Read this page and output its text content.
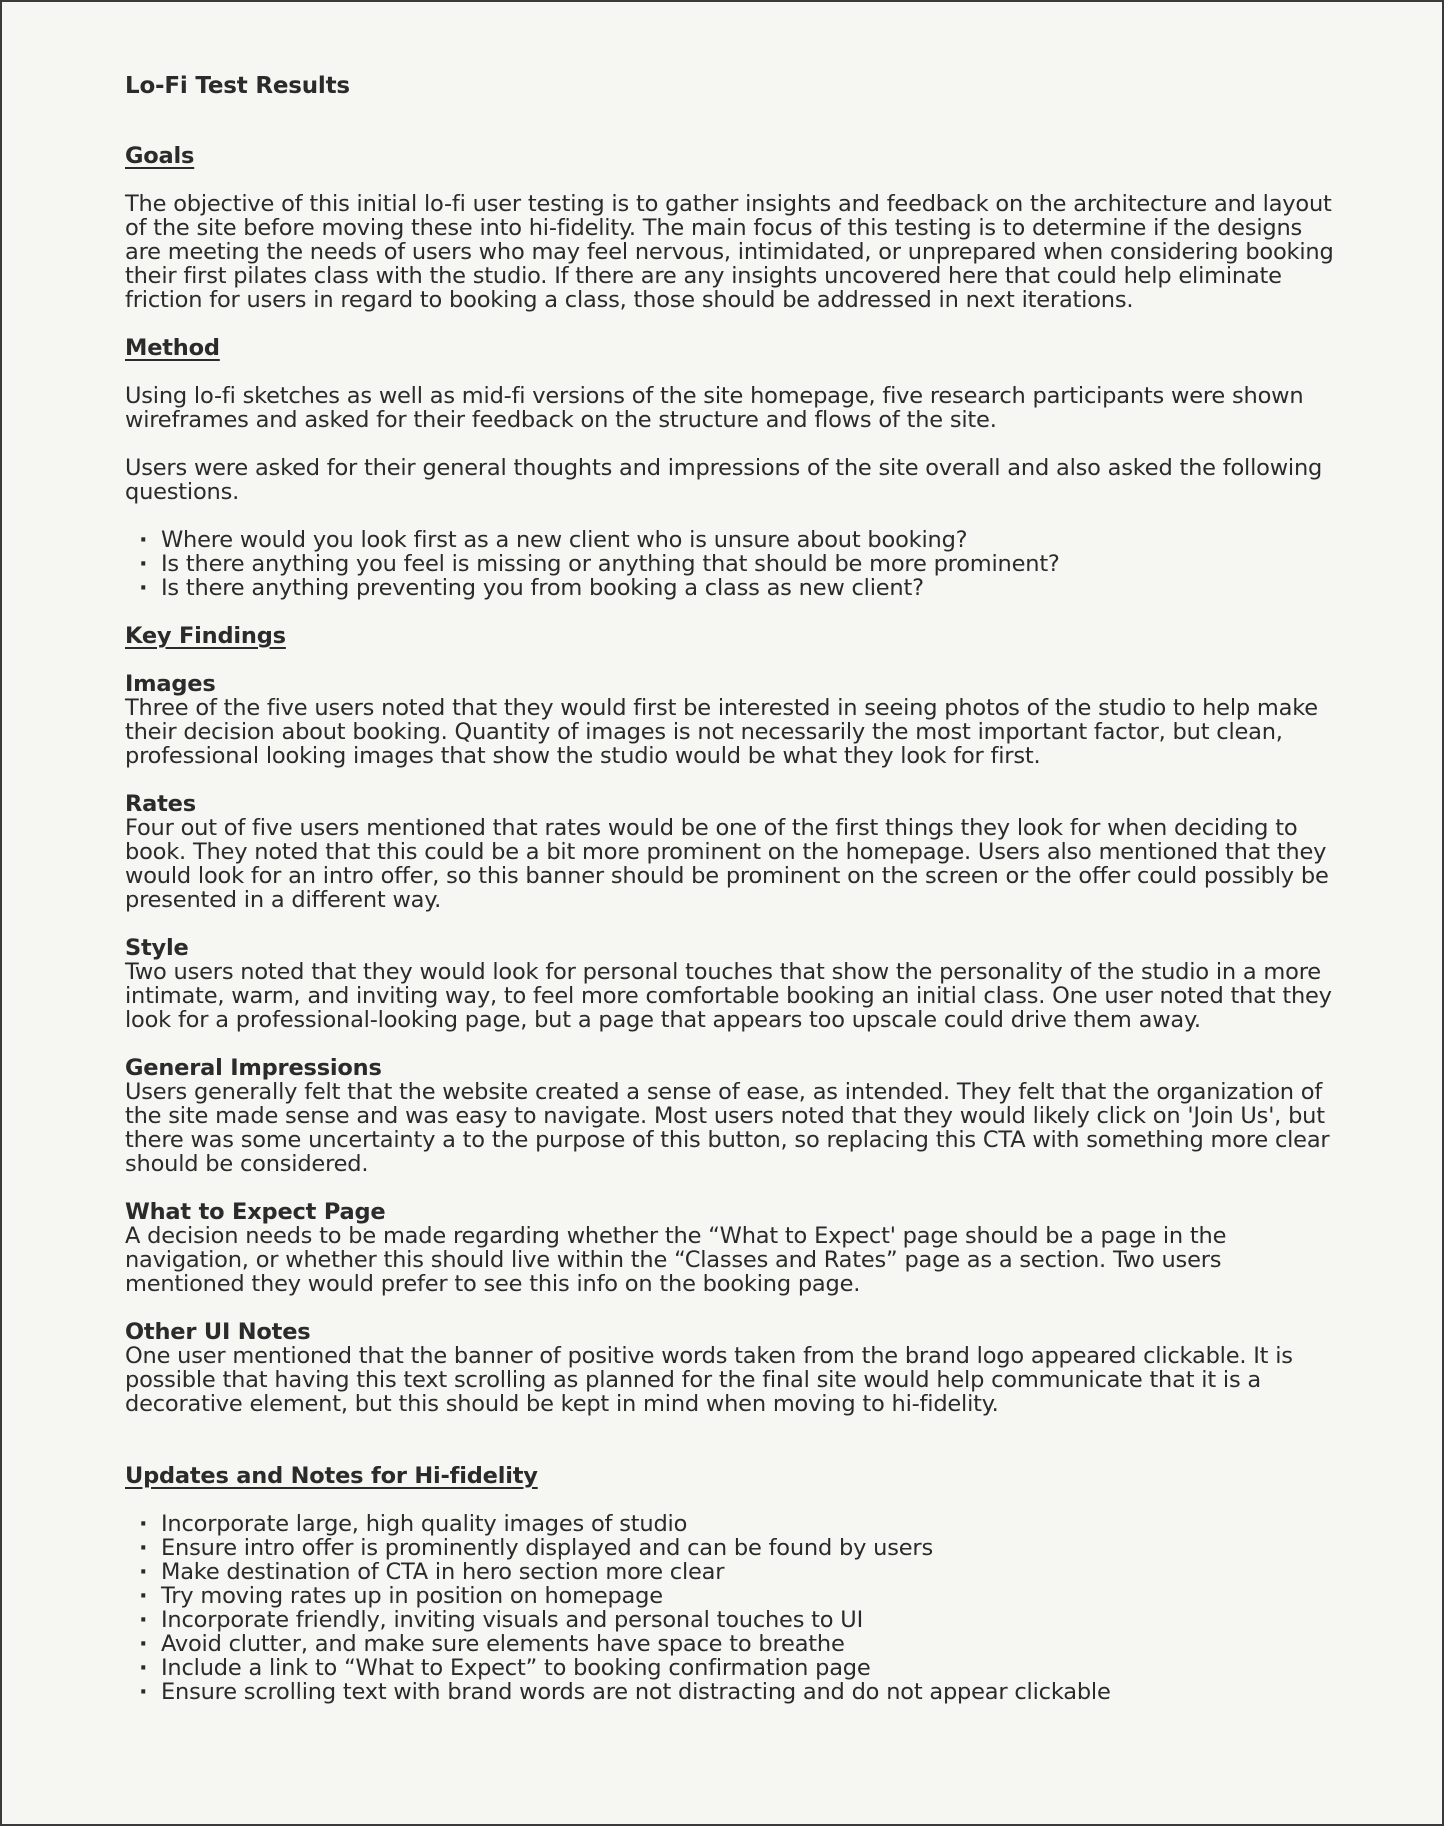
Lo-Fi Test Results
Goals

The objective of this initial lo-fi user testing is to gather insights and feedback on the architecture and layout of the site before moving these into hi-fidelity. The main focus of this testing is to determine if the designs are meeting the needs of users who may feel nervous, intimidated, or unprepared when considering booking their first pilates class with the studio. If there are any insights uncovered here that could help eliminate friction for users in regard to booking a class, those should be addressed in next iterations.

Method

Using lo-fi sketches as well as mid-fi versions of the site homepage, five research participants were shown wireframes and asked for their feedback on the structure and flows of the site.

Users were asked for their general thoughts and impressions of the site overall and also asked the following questions.

· Where would you look first as a new client who is unsure about booking?
· Is there anything you feel is missing or anything that should be more prominent?
· Is there anything preventing you from booking a class as new client?
Key Findings
Images
Three of the five users noted that they would first be interested in seeing photos of the studio to help make their decision about booking. Quantity of images is not necessarily the most important factor, but clean, professional looking images that show the studio would be what they look for first.
Rates
Four out of five users mentioned that rates would be one of the first things they look for when deciding to book. They noted that this could be a bit more prominent on the homepage. Users also mentioned that they would look for an intro offer, so this banner should be prominent on the screen or the offer could possibly be presented in a different way.
Style
Two users noted that they would look for personal touches that show the personality of the studio in a more intimate, warm, and inviting way, to feel more comfortable booking an initial class. One user noted that they look for a professional-looking page, but a page that appears too upscale could drive them away.
General Impressions
Users generally felt that the website created a sense of ease, as intended. They felt that the organization of the site made sense and was easy to navigate. Most users noted that they would likely click on 'Join Us', but there was some uncertainty a to the purpose of this button, so replacing this CTA with something more clear should be considered.
What to Expect Page
A decision needs to be made regarding whether the “What to Expect' page should be a page in the navigation, or whether this should live within the “Classes and Rates” page as a section. Two users mentioned they would prefer to see this info on the booking page.
Other UI Notes
One user mentioned that the banner of positive words taken from the brand logo appeared clickable. It is possible that having this text scrolling as planned for the final site would help communicate that it is a decorative element, but this should be kept in mind when moving to hi-fidelity.
Updates and Notes for Hi-fidelity
· Incorporate large, high quality images of studio
· Ensure intro offer is prominently displayed and can be found by users
· Make destination of CTA in hero section more clear
· Try moving rates up in position on homepage
· Incorporate friendly, inviting visuals and personal touches to UI
· Avoid clutter, and make sure elements have space to breathe
· Include a link to “What to Expect” to booking confirmation page
· Ensure scrolling text with brand words are not distracting and do not appear clickable
